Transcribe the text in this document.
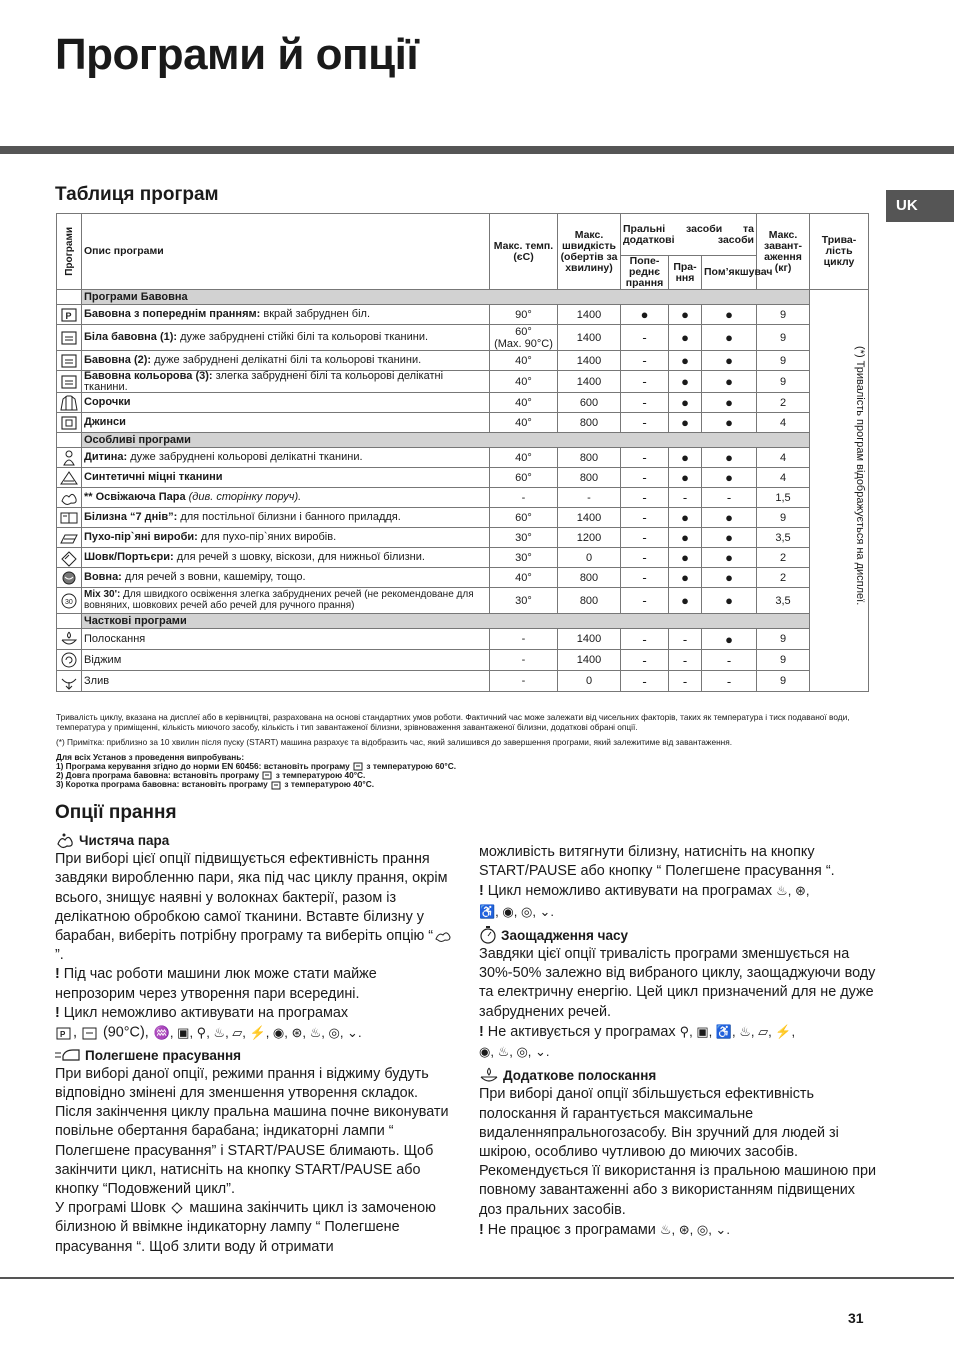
Програми й опції
UK
Таблиця програм
Програми	Опис програми	Макс. темп. (єC)	Макс. швидкість (обертів за хвилину)	Пральні засоби та додаткові засоби			Макс. завант-аження (кг)	Трива-лість циклу
				Попе-реднє прання	Пра-ння	Пом’якшувач		
	Програми Бавовна							(*) Тривалість програм відображується на дисплеї.

P	Бавовна з попереднім пранням: вкрай забруднен біл.	90°	1400	●	●	●	9	

	Біла бавовна (1): дуже забруднені стійкі білі та кольорові тканини.	60°
(Max. 90°C)	1400	-	●	●	9	

	Бавовна (2): дуже забруднені делікатні білі та кольорові тканини.	40°	1400	-	●	●	9	

	Бавовна кольорова (3): злегка забруднені білі та кольорові делікатні тканини.	40°	1400	-	●	●	9	

	Сорочки	40°	600	-	●	●	2	

	Джинси	40°	800	-	●	●	4	
	Особливі програми							

	Дитина: дуже забруднені кольорові делікатні тканини.	40°	800	-	●	●	4	

	Синтетичні міцні тканини	60°	800	-	●	●	4	

	** Освіжаюча Пара (див. сторінку поруч).	-	-	-	-	-	1,5	

	Білизна “7 днів”: для постільної білизни і банного приладдя.	60°	1400	-	●	●	9	

	Пухо-пір`яні вироби: для пухо-пір`яних виробів.	30°	1200	-	●	●	3,5	

	Шовк/Портьєри: для речей з шовку, віскози, для нижньої білизни.	30°	0	-	●	●	2	

	Вовна: для речей з вовни, кашеміру, тощо.	40°	800	-	●	●	2	

30	Mix 30': Для швидкого освіження злегка забруднених речей (не рекомендоване для вовняних, шовкових речей або речей для ручного прання)	30°	800	-	●	●	3,5	
	Часткові програми							

	Полоскання	-	1400	-	-	●	9	

	Віджим	-	1400	-	-	-	9	

	Злив	-	0	-	-	-	9	
Тривалість циклу, вказана на дисплеї або в керівництві, разрахована на основі стандартних умов роботи. Фактичний час може залежати від чисельних факторів, таких як температура і тиск подаваної води, температура у приміщенні, кількість миючого засобу, кількість і тип завантаженої білизни, зрівноваження завантаженої білизни, додаткові обрані опції.
(*) Примітка: приблизно за 10 хвилин після пуску (START) машина разрахує та відобразить час, який залишився до завершення програми, який залежитиме від завантаження.
Для всіх Установ з проведення випробувань:
1) Програма керування згідно до норми EN 60456: встановіть програму з температурою 60°C.
2) Довга програма бавовна: встановіть програму з температурою 40°C.
3) Коротка програма бавовна: встановіть програму з температурою 40°C.
Опції прання
Чистяча пара

При виборі цієї опції підвищується ефективність прання завдяки виробленню пари, яка під час циклу прання, окрім всього, знищує наявні у волокнах бактерії, разом із делікатною обробкою самої тканини. Вставте білизну у барабан, виберіть потрібну програму та виберіть опцію “”.

! Під час роботи машини люк може стати майже непрозорим через утворення пари всередині.

! Цикл неможливо активувати на програмах

P ,  (90°C), ♒, ▣, ⚲, ♨, ▱, ⚡, ◉, ⊛, ♨, ◎, ⌄.

Полегшене прасування

При виборі даної опції, режими прання і віджиму будуть відповідно змінені для зменшення утворення складок. Після закінчення циклу пральна машина почне виконувати повільне обертання барабана; індикаторні лампи “ Полегшене прасування” і START/PAUSE блимають. Щоб закінчити цикл, натисніть на кнопку START/PAUSE або кнопку “Подовжений цикл”.

У програмі Шовк машина закінчить цикл із замоченою білизною й ввімкне індикаторну лампу “ Полегшене прасування “. Щоб злити воду й отримати

можливість витягнути білизну, натисніть на кнопку START/PAUSE або кнопку “ Полегшене прасування “.

! Цикл неможливо активувати на програмах ♨, ⊛,
♿, ◉, ◎, ⌄.

Заощадження часу

Завдяки цієї опції тривалість програми зменшується на 30%-50% залежно від вибраного циклу, заощаджуючи воду та електричну енергію. Цей цикл призначений для не дуже забруднених речей.

! Не активується у програмах ⚲, ▣, ♿, ♨, ▱, ⚡,
◉, ♨, ◎, ⌄.

Додаткове полоскання

При виборі даної опції збільшується ефективність полоскання й гарантується максимальне видаленняпральногозасобу. Він зручний для людей зі шкірою, особливо чутливою до миючих засобів. Рекомендується її використання із пральною машиною при повному завантаженні або з використанням підвищених доз пральних засобів.

! Не працює з програмами ♨, ⊛, ◎, ⌄.

31
